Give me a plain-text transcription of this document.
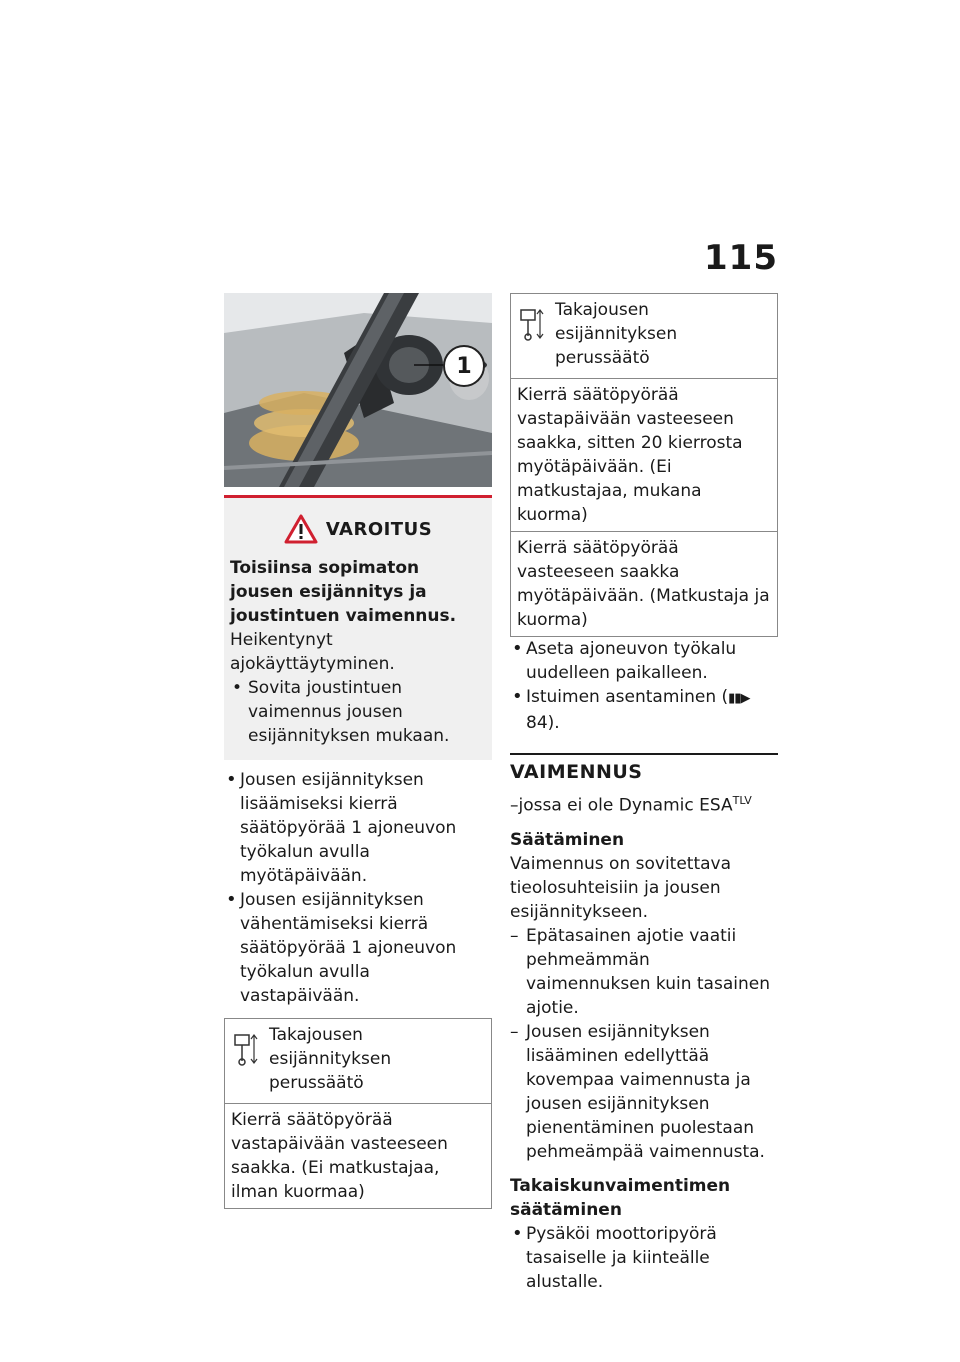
115
1
VAROITUS
Toisiinsa sopimaton jousen esijännitys ja joustintuen vaimennus.
Heikentynyt ajokäyttäytyminen.
• Sovita joustintuen vaimennus jousen esijännityksen mukaan.

• Jousen esijännityksen lisäämiseksi kierrä säätöpyörää 1 ajoneuvon työkalun avulla myötäpäivään.

• Jousen esijännityksen vähentämiseksi kierrä säätöpyörää 1 ajoneuvon työkalun avulla vastapäivään.

Takajousen esijännityksen perussäätö
Kierrä säätöpyörää vastapäivään vasteeseen saakka. (Ei matkustajaa, ilman kuormaa)
Takajousen esijännityksen perussäätö
Kierrä säätöpyörää vastapäivään vasteeseen saakka, sitten 20 kierrosta myötäpäivään. (Ei matkustajaa, mukana kuorma)
Kierrä säätöpyörää vasteeseen saakka myötäpäivään. (Matkustaja ja kuorma)

• Aseta ajoneuvon työkalu uudelleen paikalleen.

• Istuimen asentaminen (▮▮▶ 84).

VAIMENNUS
–jossa ei ole Dynamic $ESA^{TLV}$
Säätäminen
Vaimennus on sovitettava tieolosuhteisiin ja jousen esijännitykseen.
– Epätasainen ajotie vaatii pehmeämmän vaimennuksen kuin tasainen ajotie.
– Jousen esijännityksen lisääminen edellyttää kovempaa vaimennusta ja jousen esijännityksen pienentäminen puolestaan pehmeämpää vaimennusta.
Takaiskunvaimentimen säätäminen

• Pysäköi moottoripyörä tasaiselle ja kiinteälle alustalle.
